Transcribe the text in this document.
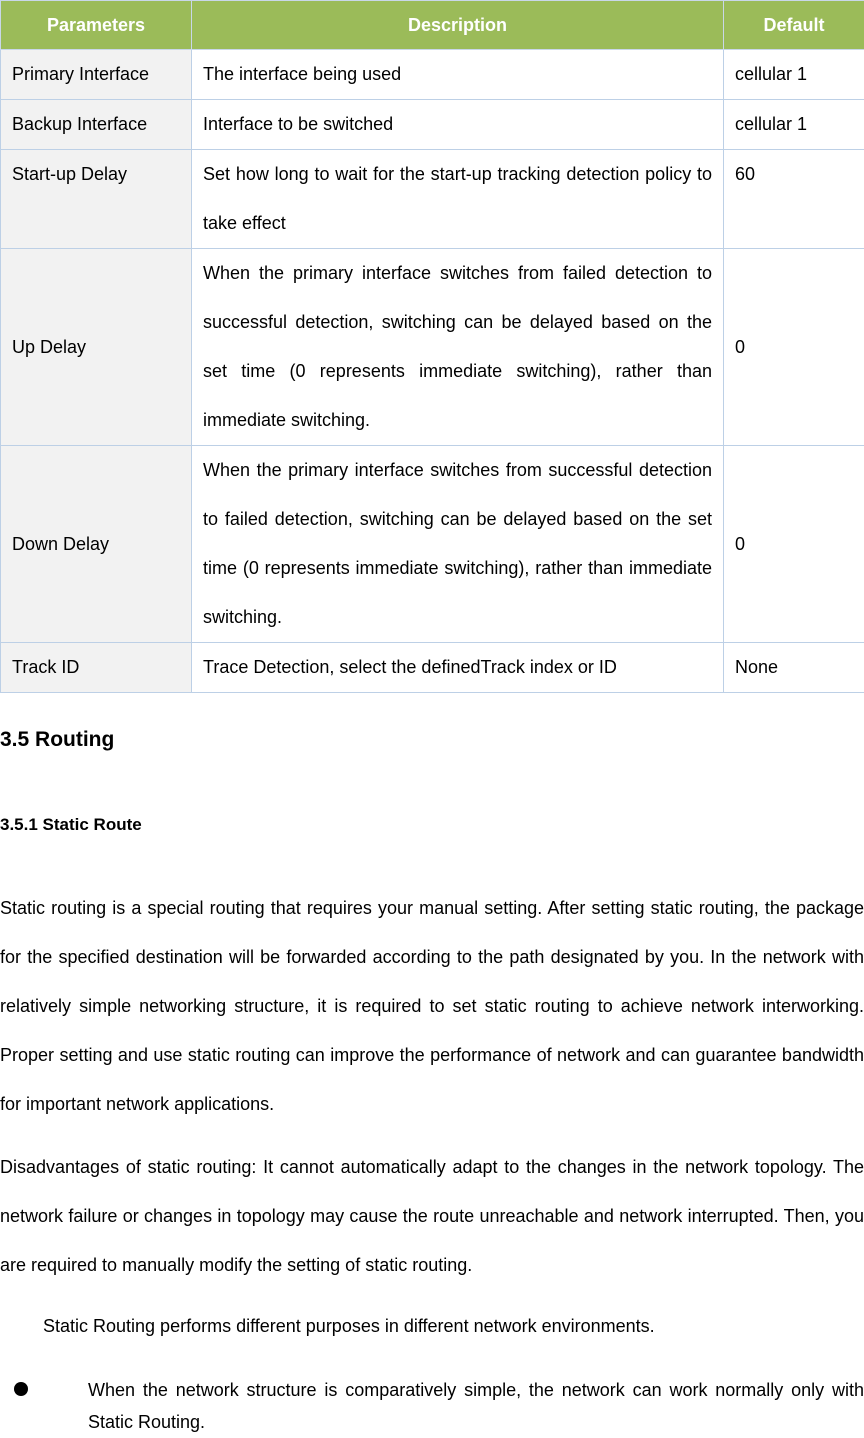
Parameters	Description	Default
Primary Interface	The interface being used	cellular 1
Backup Interface	Interface to be switched	cellular 1
Start-up Delay	Set how long to wait for the start-up tracking detection policy to take effect	60
Up Delay	When the primary interface switches from failed detection to successful detection, switching can be delayed based on the set time (0 represents immediate switching), rather than immediate switching.	0
Down Delay	When the primary interface switches from successful detection to failed detection, switching can be delayed based on the set time (0 represents immediate switching), rather than immediate switching.	0
Track ID	Trace Detection, select the definedTrack index or ID	None
3.5 Routing
3.5.1 Static Route

Static routing is a special routing that requires your manual setting. After setting static routing, the package for the specified destination will be forwarded according to the path designated by you. In the network with relatively simple networking structure, it is required to set static routing to achieve network interworking. Proper setting and use static routing can improve the performance of network and can guarantee bandwidth for important network applications.

Disadvantages of static routing: It cannot automatically adapt to the changes in the network topology. The network failure or changes in topology may cause the route unreachable and network interrupted. Then, you are required to manually modify the setting of static routing.

Static Routing performs different purposes in different network environments.

When the network structure is comparatively simple, the network can work normally only with Static Routing.
